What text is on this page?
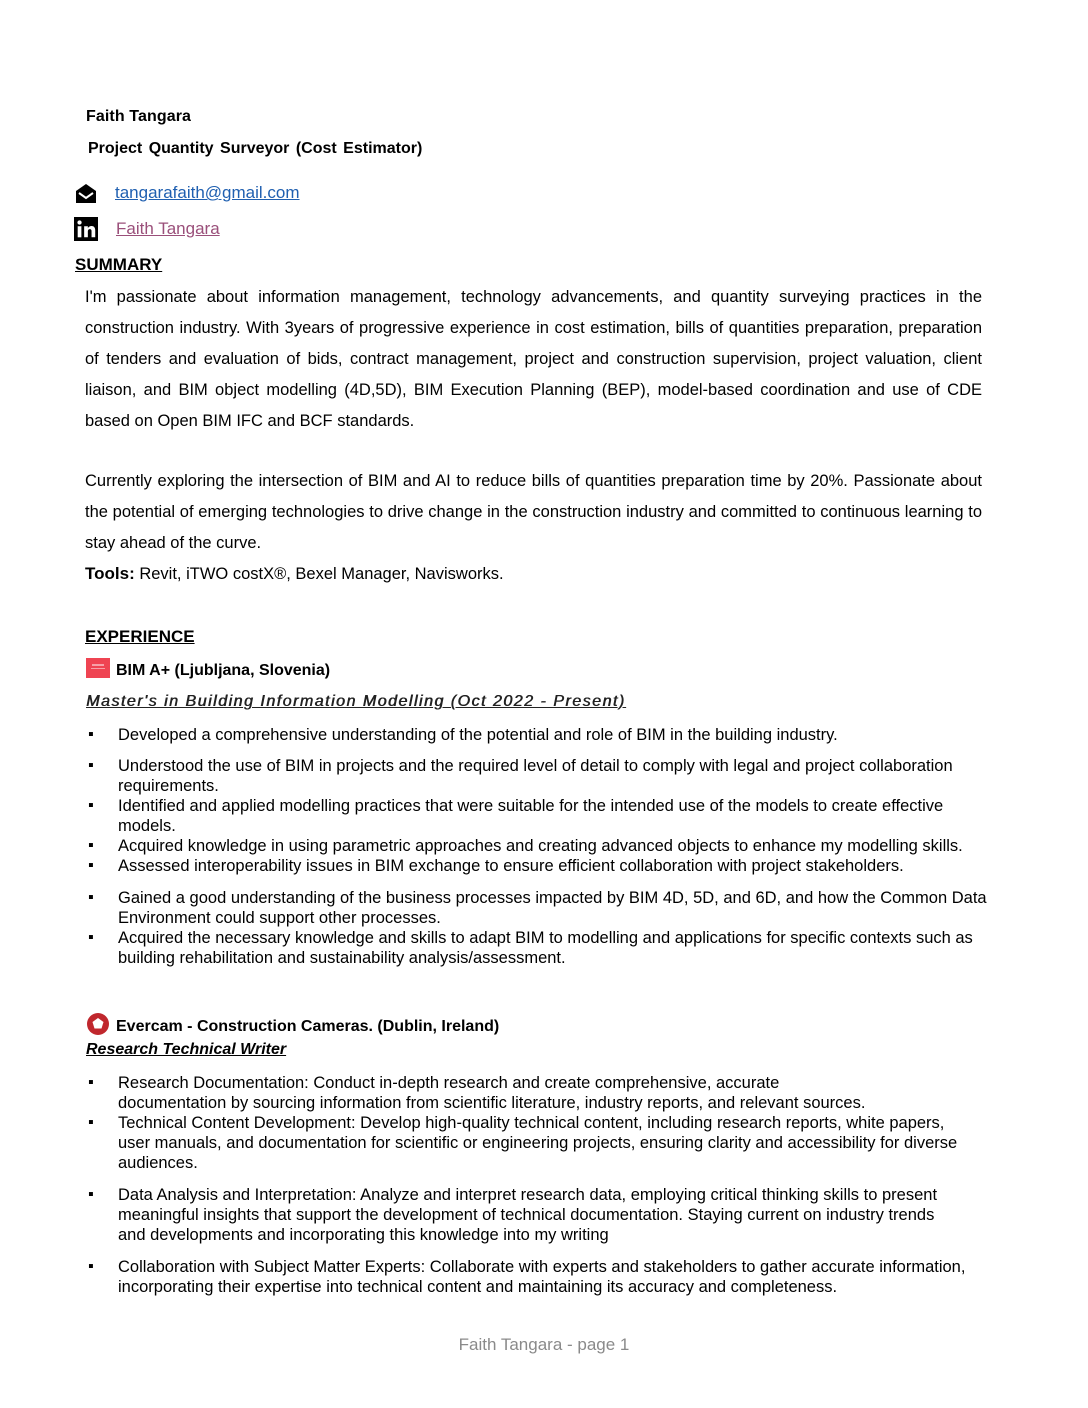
Faith Tangara
Project Quantity Surveyor (Cost Estimator)
tangarafaith@gmail.com
Faith Tangara
SUMMARY

I'm passionate about information management, technology advancements, and quantity surveying practices in the construction industry. With 3years of progressive experience in cost estimation, bills of quantities preparation, preparation of tenders and evaluation of bids, contract management, project and construction supervision, project valuation, client liaison, and BIM object modelling (4D,5D), BIM Execution Planning (BEP), model-based coordination and use of CDE based on Open BIM IFC and BCF standards.

Currently exploring the intersection of BIM and AI to reduce bills of quantities preparation time by 20%. Passionate about the potential of emerging technologies to drive change in the construction industry and committed to continuous learning to stay ahead of the curve.

Tools: Revit, iTWO costX®, Bexel Manager, Navisworks.
EXPERIENCE
BIM A+ (Ljubljana, Slovenia)
Master's in Building Information Modelling (Oct 2022 - Present)
▪ Developed a comprehensive understanding of the potential and role of BIM in the building industry.
▪ Understood the use of BIM in projects and the required level of detail to comply with legal and project collaboration requirements.
▪ Identified and applied modelling practices that were suitable for the intended use of the models to create effective models.
▪ Acquired knowledge in using parametric approaches and creating advanced objects to enhance my modelling skills.
▪ Assessed interoperability issues in BIM exchange to ensure efficient collaboration with project stakeholders.
▪ Gained a good understanding of the business processes impacted by BIM 4D, 5D, and 6D, and how the Common Data Environment could support other processes.
▪ Acquired the necessary knowledge and skills to adapt BIM to modelling and applications for specific contexts such as building rehabilitation and sustainability analysis/assessment.
Evercam - Construction Cameras. (Dublin, Ireland)
Research Technical Writer
▪ Research Documentation: Conduct in-depth research and create comprehensive, accurate documentation by sourcing information from scientific literature, industry reports, and relevant sources.
▪ Technical Content Development: Develop high-quality technical content, including research reports, white papers, user manuals, and documentation for scientific or engineering projects, ensuring clarity and accessibility for diverse audiences.
▪ Data Analysis and Interpretation: Analyze and interpret research data, employing critical thinking skills to present meaningful insights that support the development of technical documentation. Staying current on industry trends and developments and incorporating this knowledge into my writing
▪ Collaboration with Subject Matter Experts: Collaborate with experts and stakeholders to gather accurate information, incorporating their expertise into technical content and maintaining its accuracy and completeness.
Faith Tangara - page 1
